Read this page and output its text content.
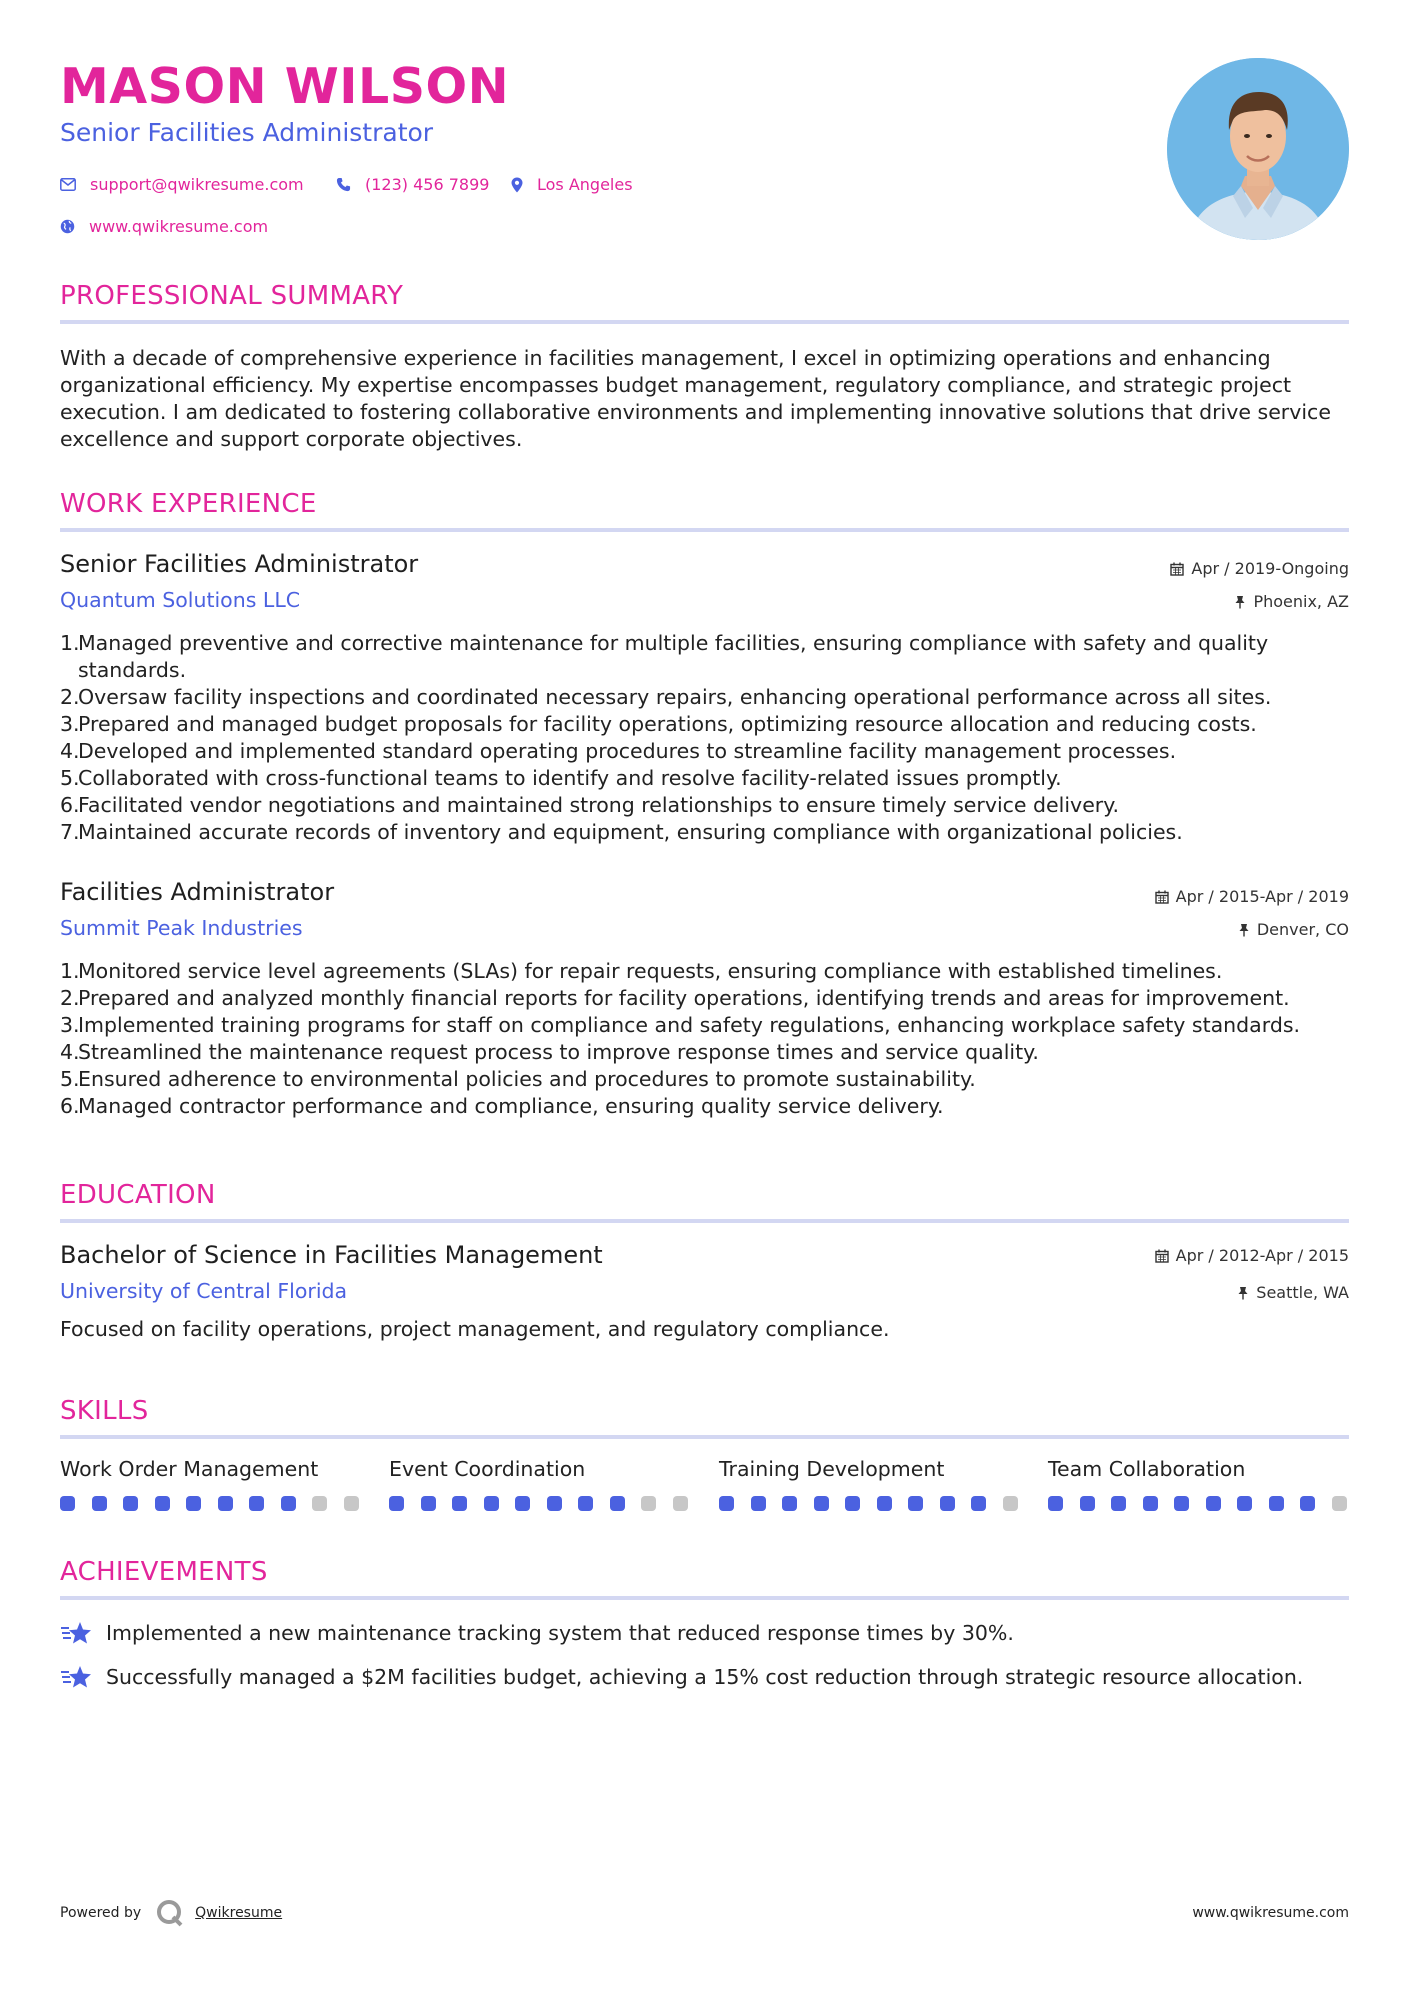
MASON WILSON
Senior Facilities Administrator
support@qwikresume.com	(123) 456 7899	Los Angeles
www.qwikresume.com
PROFESSIONAL SUMMARY
With a decade of comprehensive experience in facilities management, I excel in optimizing operations and enhancing organizational efficiency. My expertise encompasses budget management, regulatory compliance, and strategic project execution. I am dedicated to fostering collaborative environments and implementing innovative solutions that drive service excellence and support corporate objectives.
WORK EXPERIENCE
Senior Facilities Administrator
Quantum Solutions LLC
Apr / 2019-Ongoing
Phoenix, AZ
1.
Managed preventive and corrective maintenance for multiple facilities, ensuring compliance with safety and quality standards.
2.
Oversaw facility inspections and coordinated necessary repairs, enhancing operational performance across all sites.
3.
Prepared and managed budget proposals for facility operations, optimizing resource allocation and reducing costs.
4.
Developed and implemented standard operating procedures to streamline facility management processes.
5.
Collaborated with cross-functional teams to identify and resolve facility-related issues promptly.
6.
Facilitated vendor negotiations and maintained strong relationships to ensure timely service delivery.
7.
Maintained accurate records of inventory and equipment, ensuring compliance with organizational policies.
Facilities Administrator
Summit Peak Industries
Apr / 2015-Apr / 2019
Denver, CO
1.
Monitored service level agreements (SLAs) for repair requests, ensuring compliance with established timelines.
2.
Prepared and analyzed monthly financial reports for facility operations, identifying trends and areas for improvement.
3.
Implemented training programs for staff on compliance and safety regulations, enhancing workplace safety standards.
4.
Streamlined the maintenance request process to improve response times and service quality.
5.
Ensured adherence to environmental policies and procedures to promote sustainability.
6.
Managed contractor performance and compliance, ensuring quality service delivery.
EDUCATION
Bachelor of Science in Facilities Management
University of Central Florida
Apr / 2012-Apr / 2015
Seattle, WA
Focused on facility operations, project management, and regulatory compliance.
SKILLS
Work Order Management	Event Coordination	Training Development	Team Collaboration
ACHIEVEMENTS
Implemented a new maintenance tracking system that reduced response times by 30%.
Successfully managed a $2M facilities budget, achieving a 15% cost reduction through strategic resource allocation.
Powered by	Qwikresume	www.qwikresume.com
